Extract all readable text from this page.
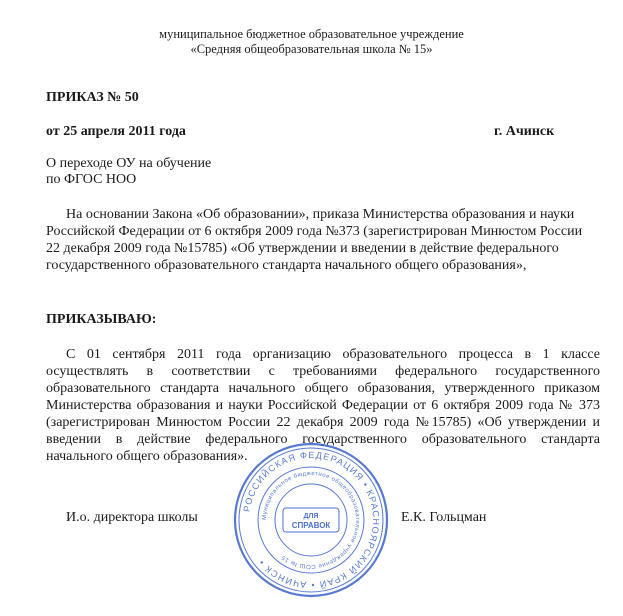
муниципальное бюджетное образовательное учреждение
«Средняя общеобразовательная школа № 15»
ПРИКАЗ № 50
от 25 апреля 2011 года	г. Ачинск
О переходе ОУ на обучение
по ФГОС НОО
На основании Закона «Об образовании», приказа Министерства образования и науки
Российской Федерации от 6 октября 2009 года №373 (зарегистрирован Минюстом России
22 декабря 2009 года №15785) «Об утверждении и введении в действие федерального
государственного образовательного стандарта начального общего образования»,
ПРИКАЗЫВАЮ:
С 01 сентября 2011 года организацию образовательного процесса в 1 классе
осуществлять в соответствии с требованиями федерального государственного
образовательного стандарта начального общего образования, утвержденного приказом
Министерства образования и науки Российской Федерации от 6 октября 2009 года № 373
(зарегистрирован Минюстом России 22 декабря 2009 года №15785) «Об утверждении и
введении в действие федерального государственного образовательного стандарта
начального общего образования».
И.о. директора школы	Е.К. Гольцман
РОССИЙСКАЯ ФЕДЕРАЦИЯ • КРАСНОЯРСКИЙ КРАЙ • АЧИНСК •
Муниципальное бюджетное общеобразовательное учреждение СОШ № 15
ДЛЯ
СПРАВОК
